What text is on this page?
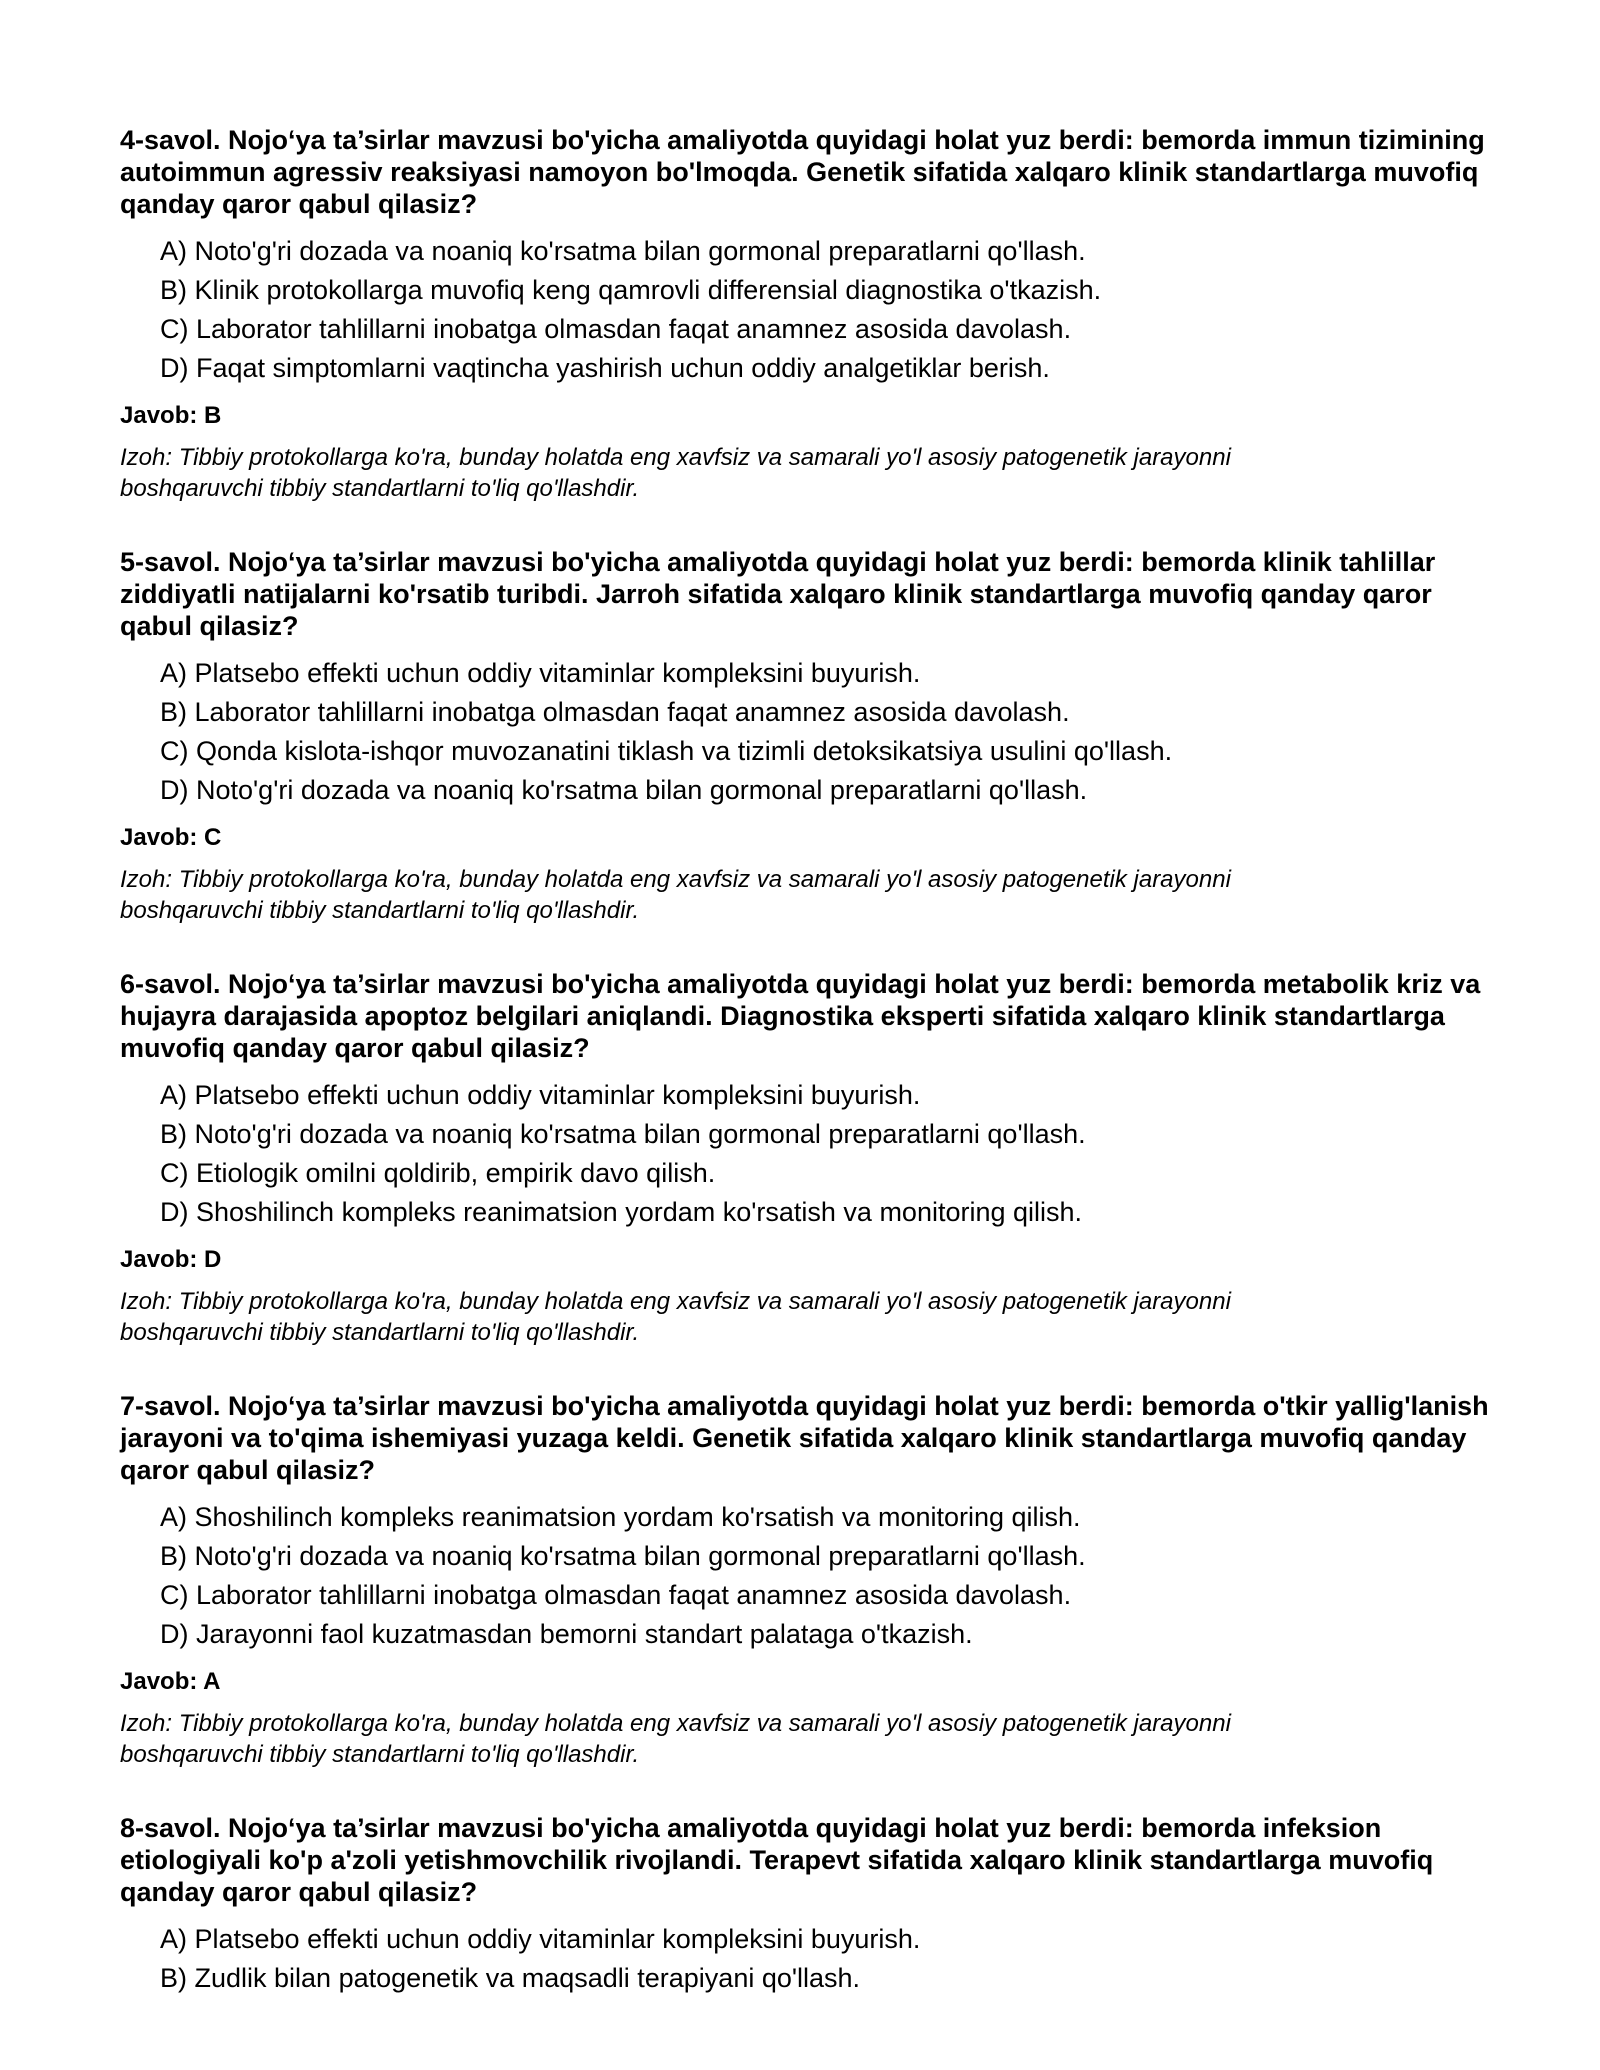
4-savol. Nojo‘ya ta’sirlar mavzusi bo'yicha amaliyotda quyidagi holat yuz berdi: bemorda immun tizimining autoimmun agressiv reaksiyasi namoyon bo'lmoqda. Genetik sifatida xalqaro klinik standartlarga muvofiq qanday qaror qabul qilasiz?

A) Noto'g'ri dozada va noaniq ko'rsatma bilan gormonal preparatlarni qo'llash.
B) Klinik protokollarga muvofiq keng qamrovli differensial diagnostika o'tkazish.
C) Laborator tahlillarni inobatga olmasdan faqat anamnez asosida davolash.
D) Faqat simptomlarni vaqtincha yashirish uchun oddiy analgetiklar berish.
Javob: B
Izoh: Tibbiy protokollarga ko'ra, bunday holatda eng xavfsiz va samarali yo'l asosiy patogenetik jarayonni boshqaruvchi tibbiy standartlarni to'liq qo'llashdir.

5-savol. Nojo‘ya ta’sirlar mavzusi bo'yicha amaliyotda quyidagi holat yuz berdi: bemorda klinik tahlillar ziddiyatli natijalarni ko'rsatib turibdi. Jarroh sifatida xalqaro klinik standartlarga muvofiq qanday qaror qabul qilasiz?

A) Platsebo effekti uchun oddiy vitaminlar kompleksini buyurish.
B) Laborator tahlillarni inobatga olmasdan faqat anamnez asosida davolash.
C) Qonda kislota-ishqor muvozanatini tiklash va tizimli detoksikatsiya usulini qo'llash.
D) Noto'g'ri dozada va noaniq ko'rsatma bilan gormonal preparatlarni qo'llash.
Javob: C
Izoh: Tibbiy protokollarga ko'ra, bunday holatda eng xavfsiz va samarali yo'l asosiy patogenetik jarayonni boshqaruvchi tibbiy standartlarni to'liq qo'llashdir.

6-savol. Nojo‘ya ta’sirlar mavzusi bo'yicha amaliyotda quyidagi holat yuz berdi: bemorda metabolik kriz va hujayra darajasida apoptoz belgilari aniqlandi. Diagnostika eksperti sifatida xalqaro klinik standartlarga muvofiq qanday qaror qabul qilasiz?

A) Platsebo effekti uchun oddiy vitaminlar kompleksini buyurish.
B) Noto'g'ri dozada va noaniq ko'rsatma bilan gormonal preparatlarni qo'llash.
C) Etiologik omilni qoldirib, empirik davo qilish.
D) Shoshilinch kompleks reanimatsion yordam ko'rsatish va monitoring qilish.
Javob: D
Izoh: Tibbiy protokollarga ko'ra, bunday holatda eng xavfsiz va samarali yo'l asosiy patogenetik jarayonni boshqaruvchi tibbiy standartlarni to'liq qo'llashdir.

7-savol. Nojo‘ya ta’sirlar mavzusi bo'yicha amaliyotda quyidagi holat yuz berdi: bemorda o'tkir yallig'lanish jarayoni va to'qima ishemiyasi yuzaga keldi. Genetik sifatida xalqaro klinik standartlarga muvofiq qanday qaror qabul qilasiz?

A) Shoshilinch kompleks reanimatsion yordam ko'rsatish va monitoring qilish.
B) Noto'g'ri dozada va noaniq ko'rsatma bilan gormonal preparatlarni qo'llash.
C) Laborator tahlillarni inobatga olmasdan faqat anamnez asosida davolash.
D) Jarayonni faol kuzatmasdan bemorni standart palataga o'tkazish.
Javob: A
Izoh: Tibbiy protokollarga ko'ra, bunday holatda eng xavfsiz va samarali yo'l asosiy patogenetik jarayonni boshqaruvchi tibbiy standartlarni to'liq qo'llashdir.

8-savol. Nojo‘ya ta’sirlar mavzusi bo'yicha amaliyotda quyidagi holat yuz berdi: bemorda infeksion etiologiyali ko'p a'zoli yetishmovchilik rivojlandi. Terapevt sifatida xalqaro klinik standartlarga muvofiq qanday qaror qabul qilasiz?

A) Platsebo effekti uchun oddiy vitaminlar kompleksini buyurish.
B) Zudlik bilan patogenetik va maqsadli terapiyani qo'llash.
